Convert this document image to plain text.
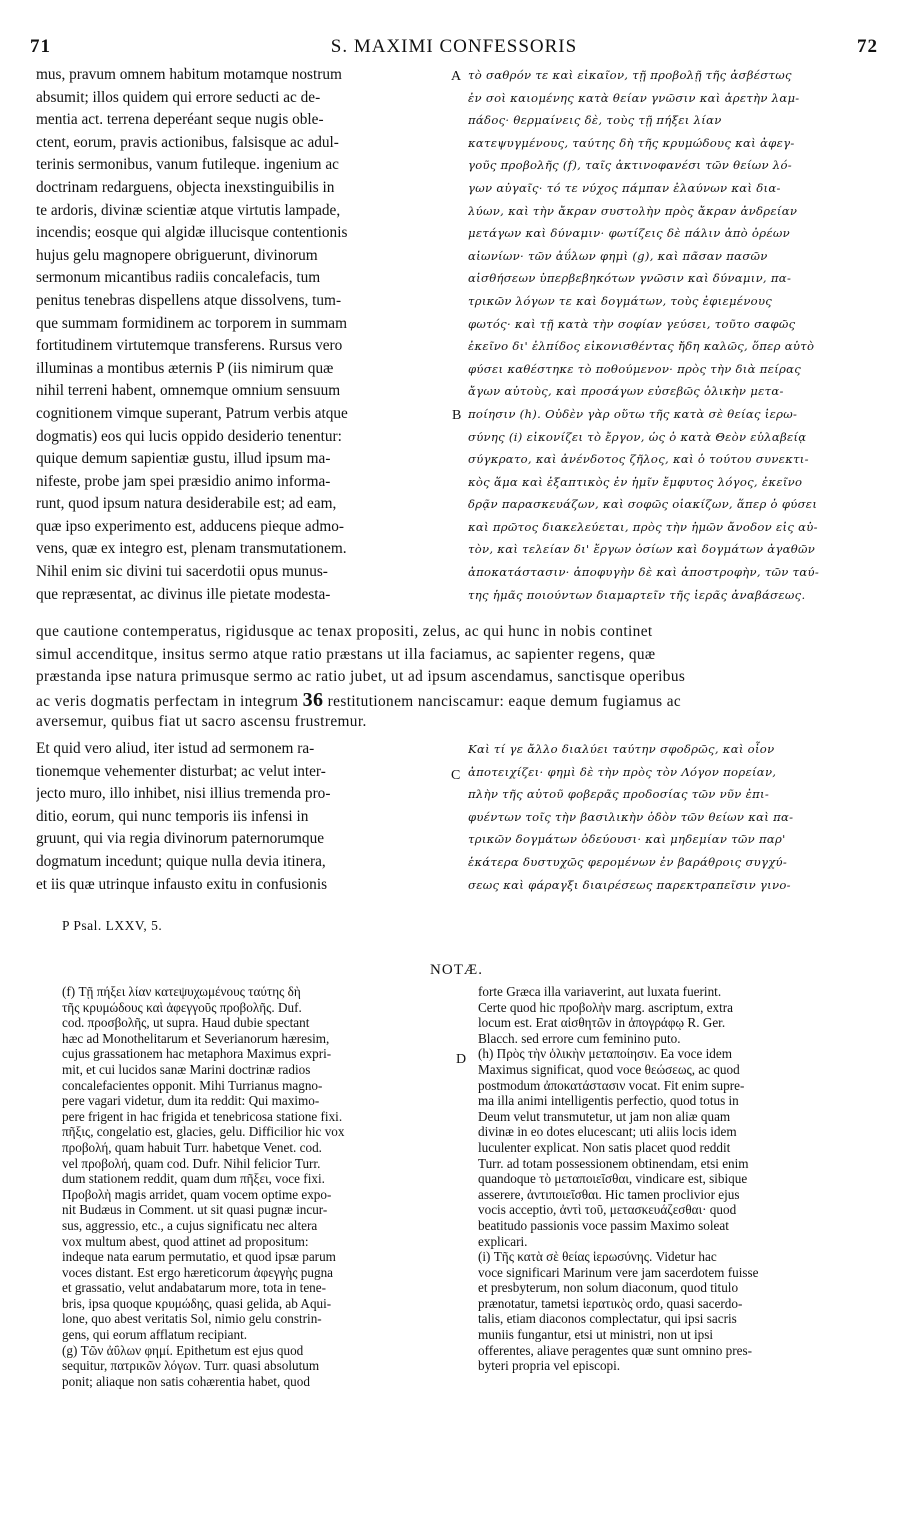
71	S. MAXIMI CONFESSORIS	72
mus, pravum omnem habitum motamque nostrum
absumit; illos quidem qui errore seducti ac de-
mentia act. terrena deperéant seque nugis oble-
ctent, eorum, pravis actionibus, falsisque ac adul-
terinis sermonibus, vanum futileque. ingenium ac
doctrinam redarguens, objecta inexstinguibilis in
te ardoris, divinæ scientiæ atque virtutis lampade,
incendis; eosque qui algidæ illucisque contentionis
hujus gelu magnopere obriguerunt, divinorum
sermonum micantibus radiis concalefacis, tum
penitus tenebras dispellens atque dissolvens, tum-
que summam formidinem ac torporem in summam
fortitudinem virtutemque transferens. Rursus vero
illuminas a montibus æternis P (iis nimirum quæ
nihil terreni habent, omnemque omnium sensuum
cognitionem vimque superant, Patrum verbis atque
dogmatis) eos qui lucis oppido desiderio tenentur:
quique demum sapientiæ gustu, illud ipsum ma-
nifeste, probe jam spei præsidio animo informa-
runt, quod ipsum natura desiderabile est; ad eam,
quæ ipso experimento est, adducens pieque admo-
vens, quæ ex integro est, plenam transmutationem.
Nihil enim sic divini tui sacerdotii opus munus-
que repræsentat, ac divinus ille pietate modesta-
τὸ σαθρόν τε καὶ εἰκαῖον, τῇ προβολῇ τῆς ἀσβέστως
ἐν σοὶ καιομένης κατὰ θείαν γνῶσιν καὶ ἀρετὴν λαμ-
πάδος· θερμαίνεις δὲ, τοὺς τῇ πήξει λίαν
κατεψυγμένους, ταύτης δὴ τῆς κρυμώδους καὶ ἀφεγ-
γοῦς προβολῆς (f), ταῖς ἀκτινοφανέσι τῶν θείων λό-
γων αὐγαῖς· τό τε νύχος πάμπαν ἐλαύνων καὶ δια-
λύων, καὶ τὴν ἄκραν συστολὴν πρὸς ἄκραν ἀνδρείαν
μετάγων καὶ δύναμιν· φωτίζεις δὲ πάλιν ἀπὸ ὀρέων
αἰωνίων· τῶν ἀΰλων φημὶ (g), καὶ πᾶσαν πασῶν
αἰσθήσεων ὑπερβεβηκότων γνῶσιν καὶ δύναμιν, πα-
τρικῶν λόγων τε καὶ δογμάτων, τοὺς ἐφιεμένους
φωτός· καὶ τῇ κατὰ τὴν σοφίαν γεύσει, τοῦτο σαφῶς
ἐκεῖνο δι' ἐλπίδος εἰκονισθέντας ἤδη καλῶς, ὅπερ αὐτὸ
φύσει καθέστηκε τὸ ποθούμενον· πρὸς τὴν διὰ πείρας
ἄγων αὐτοὺς, καὶ προσάγων εὐσεβῶς ὁλικὴν μετα-
ποίησιν (h). Οὐδὲν γὰρ οὕτω τῆς κατὰ σὲ θείας ἱερω-
σύνης (i) εἰκονίζει τὸ ἔργον, ὡς ὁ κατὰ Θεὸν εὐλαβείᾳ
σύγκρατο, καὶ ἀνένδοτος ζῆλος, καὶ ὁ τούτου συνεκτι-
κὸς ἅμα καὶ ἐξαπτικὸς ἐν ἡμῖν ἔμφυτος λόγος, ἐκεῖνο
δρᾷν παρασκευάζων, καὶ σοφῶς οἰακίζων, ἅπερ ὁ φύσει
καὶ πρῶτος διακελεύεται, πρὸς τὴν ἡμῶν ἄνοδον εἰς αὐ-
τὸν, καὶ τελείαν δι' ἔργων ὁσίων καὶ δογμάτων ἀγαθῶν
ἀποκατάστασιν· ἀποφυγὴν δὲ καὶ ἀποστροφὴν, τῶν ταύ-
της ἡμᾶς ποιούντων διαμαρτεῖν τῆς ἱερᾶς ἀναβάσεως.
A
B
C
D
que cautione contemperatus, rigidusque ac tenax propositi, zelus, ac qui hunc in nobis continet
simul accenditque, insitus sermo atque ratio præstans ut illa faciamus, ac sapienter regens, quæ
præstanda ipse natura primusque sermo ac ratio jubet, ut ad ipsum ascendamus, sanctisque operibus
ac veris dogmatis perfectam in integrum 36 restitutionem nanciscamur: eaque demum fugiamus ac
aversemur, quibus fiat ut sacro ascensu frustremur.
Et quid vero aliud, iter istud ad sermonem ra-
tionemque vehementer disturbat; ac velut inter-
jecto muro, illo inhibet, nisi illius tremenda pro-
ditio, eorum, qui nunc temporis iis infensi in
gruunt, qui via regia divinorum paternorumque
dogmatum incedunt; quique nulla devia itinera,
et iis quæ utrinque infausto exitu in confusionis
Καὶ τί γε ἄλλο διαλύει ταύτην σφοδρῶς, καὶ οἷον
ἀποτειχίζει· φημὶ δὲ τὴν πρὸς τὸν Λόγον πορείαν,
πλὴν τῆς αὐτοῦ φοβερᾶς προδοσίας τῶν νῦν ἐπι-
φυέντων τοῖς τὴν βασιλικὴν ὁδὸν τῶν θείων καὶ πα-
τρικῶν δογμάτων ὁδεύουσι· καὶ μηδεμίαν τῶν παρ'
ἑκάτερα δυστυχῶς φερομένων ἐν βαράθροις συγχύ-
σεως καὶ φάραγξι διαιρέσεως παρεκτραπεῖσιν γινο-
P Psal. LXXV, 5.
NOTÆ.
(f) Τῇ πήξει λίαν κατεψυχωμένους ταύτης δὴ
τῆς κρυμώδους καὶ ἀφεγγοῦς προβολῆς. Duf.
cod. προσβολῆς, ut supra. Haud dubie spectant
hæc ad Monothelitarum et Severianorum hæresim,
cujus grassationem hac metaphora Maximus expri-
mit, et cui lucidos sanæ Marini doctrinæ radios
concalefacientes opponit. Mihi Turrianus magno-
pere vagari videtur, dum ita reddit: Qui maximo-
pere frigent in hac frigida et tenebricosa statione fixi.
πῆξις, congelatio est, glacies, gelu. Difficilior hic vox
προβολή, quam habuit Turr. habetque Venet. cod.
vel προβολή, quam cod. Dufr. Nihil felicior Turr.
dum stationem reddit, quam dum πῆξει, voce fixi.
Προβολὴ magis arridet, quam vocem optime expo-
nit Budæus in Comment. ut sit quasi pugnæ incur-
sus, aggressio, etc., a cujus significatu nec altera
vox multum abest, quod attinet ad propositum:
indeque nata earum permutatio, et quod ipsæ parum
voces distant. Est ergo hæreticorum ἀφεγγὴς pugna
et grassatio, velut andabatarum more, tota in tene-
bris, ipsa quoque κρυμώδης, quasi gelida, ab Aqui-
lone, quo abest veritatis Sol, nimio gelu constrin-
gens, qui eorum afflatum recipiant.
(g) Τῶν ἀΰλων φημί. Epithetum est ejus quod
sequitur, πατρικῶν λόγων. Turr. quasi absolutum
ponit; aliaque non satis cohærentia habet, quod
forte Græca illa variaverint, aut luxata fuerint.
Certe quod hic προβολὴν marg. ascriptum, extra
locum est. Erat αἰσθητῶν in ἀπογράφῳ R. Ger.
Blacch. sed errore cum feminino puto.
(h) Πρὸς τὴν ὁλικὴν μεταποίησιν. Ea voce idem
Maximus significat, quod voce θεώσεως, ac quod
postmodum ἀποκατάστασιν vocat. Fit enim supre-
ma illa animi intelligentis perfectio, quod totus in
Deum velut transmutetur, ut jam non aliæ quam
divinæ in eo dotes elucescant; uti aliis locis idem
luculenter explicat. Non satis placet quod reddit
Turr. ad totam possessionem obtinendam, etsi enim
quandoque τὸ μεταποιεῖσθαι, vindicare est, sibique
asserere, ἀντιποιεῖσθαι. Hic tamen proclivior ejus
vocis acceptio, ἀντὶ τοῦ, μετασκευάζεσθαι· quod
beatitudo passionis voce passim Maximo soleat
explicari.
(i) Τῆς κατὰ σὲ θείας ἱερωσύνης. Videtur hac
voce significari Marinum vere jam sacerdotem fuisse
et presbyterum, non solum diaconum, quod titulo
prænotatur, tametsi ἱερατικὸς ordo, quasi sacerdo-
talis, etiam diaconos complectatur, qui ipsi sacris
muniis fungantur, etsi ut ministri, non ut ipsi
offerentes, aliave peragentes quæ sunt omnino pres-
byteri propria vel episcopi.
